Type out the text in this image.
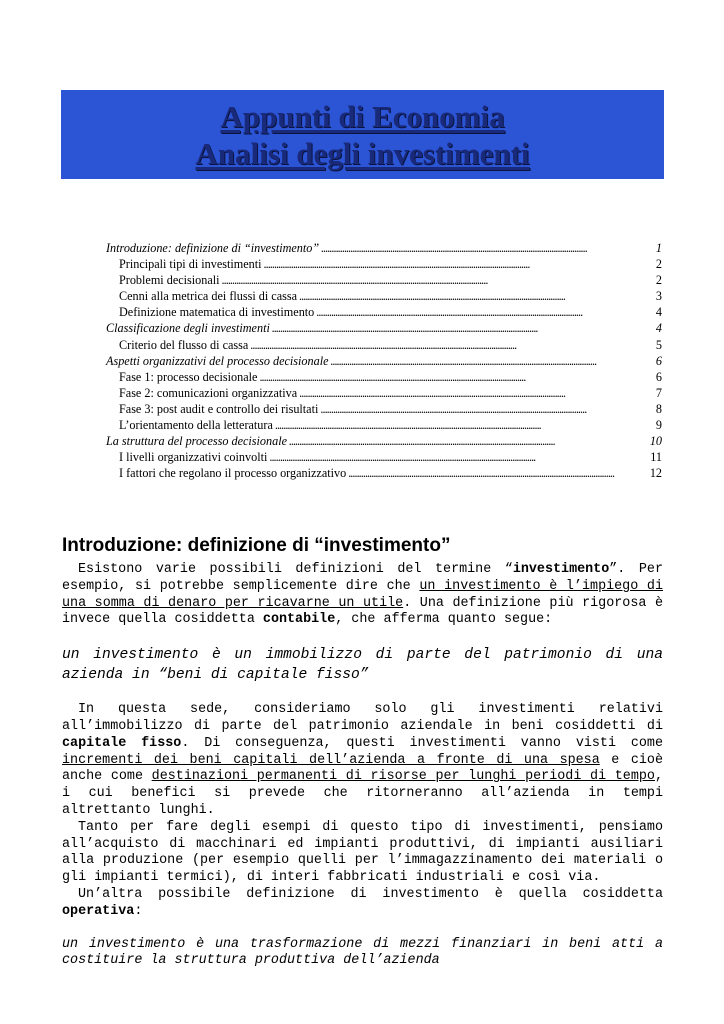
Appunti di Economia
Analisi degli investimenti
Introduzione: definizione di “investimento” . . .	1
Principali tipi di investimenti . . .	2
Problemi decisionali . . .	2
Cenni alla metrica dei flussi di cassa . . .	3
Definizione matematica di investimento . . .	4
Classificazione degli investimenti . . .	4
Criterio del flusso di cassa . . .	5
Aspetti organizzativi del processo decisionale . . .	6
Fase 1: processo decisionale . . .	6
Fase 2: comunicazioni organizzativa . . .	7
Fase 3: post audit e controllo dei risultati . . .	8
L’orientamento della letteratura . . .	9
La struttura del processo decisionale . . .	10
I livelli organizzativi coinvolti . . .	11
I fattori che regolano il processo organizzativo . . .	12
Introduzione: definizione di “investimento”

Esistono varie possibili definizioni del termine “investimento”. Per esempio, si potrebbe semplicemente dire che un investimento è l’impiego di una somma di denaro per ricavarne un utile. Una definizione più rigorosa è invece quella cosiddetta contabile, che afferma quanto segue:

un investimento è un immobilizzo di parte del patrimonio di una azienda in “beni di capitale fisso”

In questa sede, consideriamo solo gli investimenti relativi all’immobilizzo di parte del patrimonio aziendale in beni cosiddetti di capitale fisso. Di conseguenza, questi investimenti vanno visti come incrementi dei beni capitali dell’azienda a fronte di una spesa e cioè anche come destinazioni permanenti di risorse per lunghi periodi di tempo, i cui benefici si prevede che ritorneranno all’azienda in tempi altrettanto lunghi.

Tanto per fare degli esempi di questo tipo di investimenti, pensiamo all’acquisto di macchinari ed impianti produttivi, di impianti ausiliari alla produzione (per esempio quelli per l’immagazzinamento dei materiali o gli impianti termici), di interi fabbricati industriali e così via.

Un’altra possibile definizione di investimento è quella cosiddetta operativa:

un investimento è una trasformazione di mezzi finanziari in beni atti a costituire la struttura produttiva dell’azienda
